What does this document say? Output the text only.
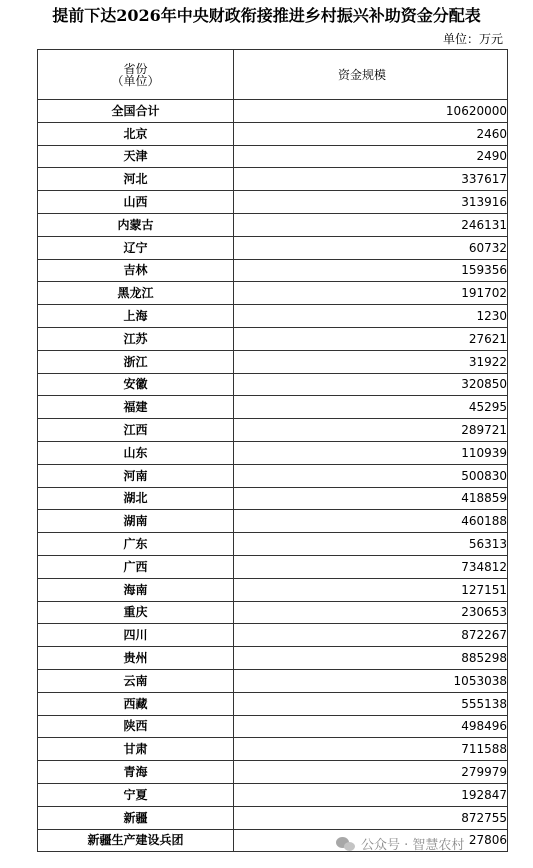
提前下达2026年中央财政衔接推进乡村振兴补助资金分配表
单位：万元
省份
（单位）	资金规模
全国合计	10620000
北京	2460
天津	2490
河北	337617
山西	313916
内蒙古	246131
辽宁	60732
吉林	159356
黑龙江	191702
上海	1230
江苏	27621
浙江	31922
安徽	320850
福建	45295
江西	289721
山东	110939
河南	500830
湖北	418859
湖南	460188
广东	56313
广西	734812
海南	127151
重庆	230653
四川	872267
贵州	885298
云南	1053038
西藏	555138
陕西	498496
甘肃	711588
青海	279979
宁夏	192847
新疆	872755
新疆生产建设兵团	27806
公众号 · 智慧农村
